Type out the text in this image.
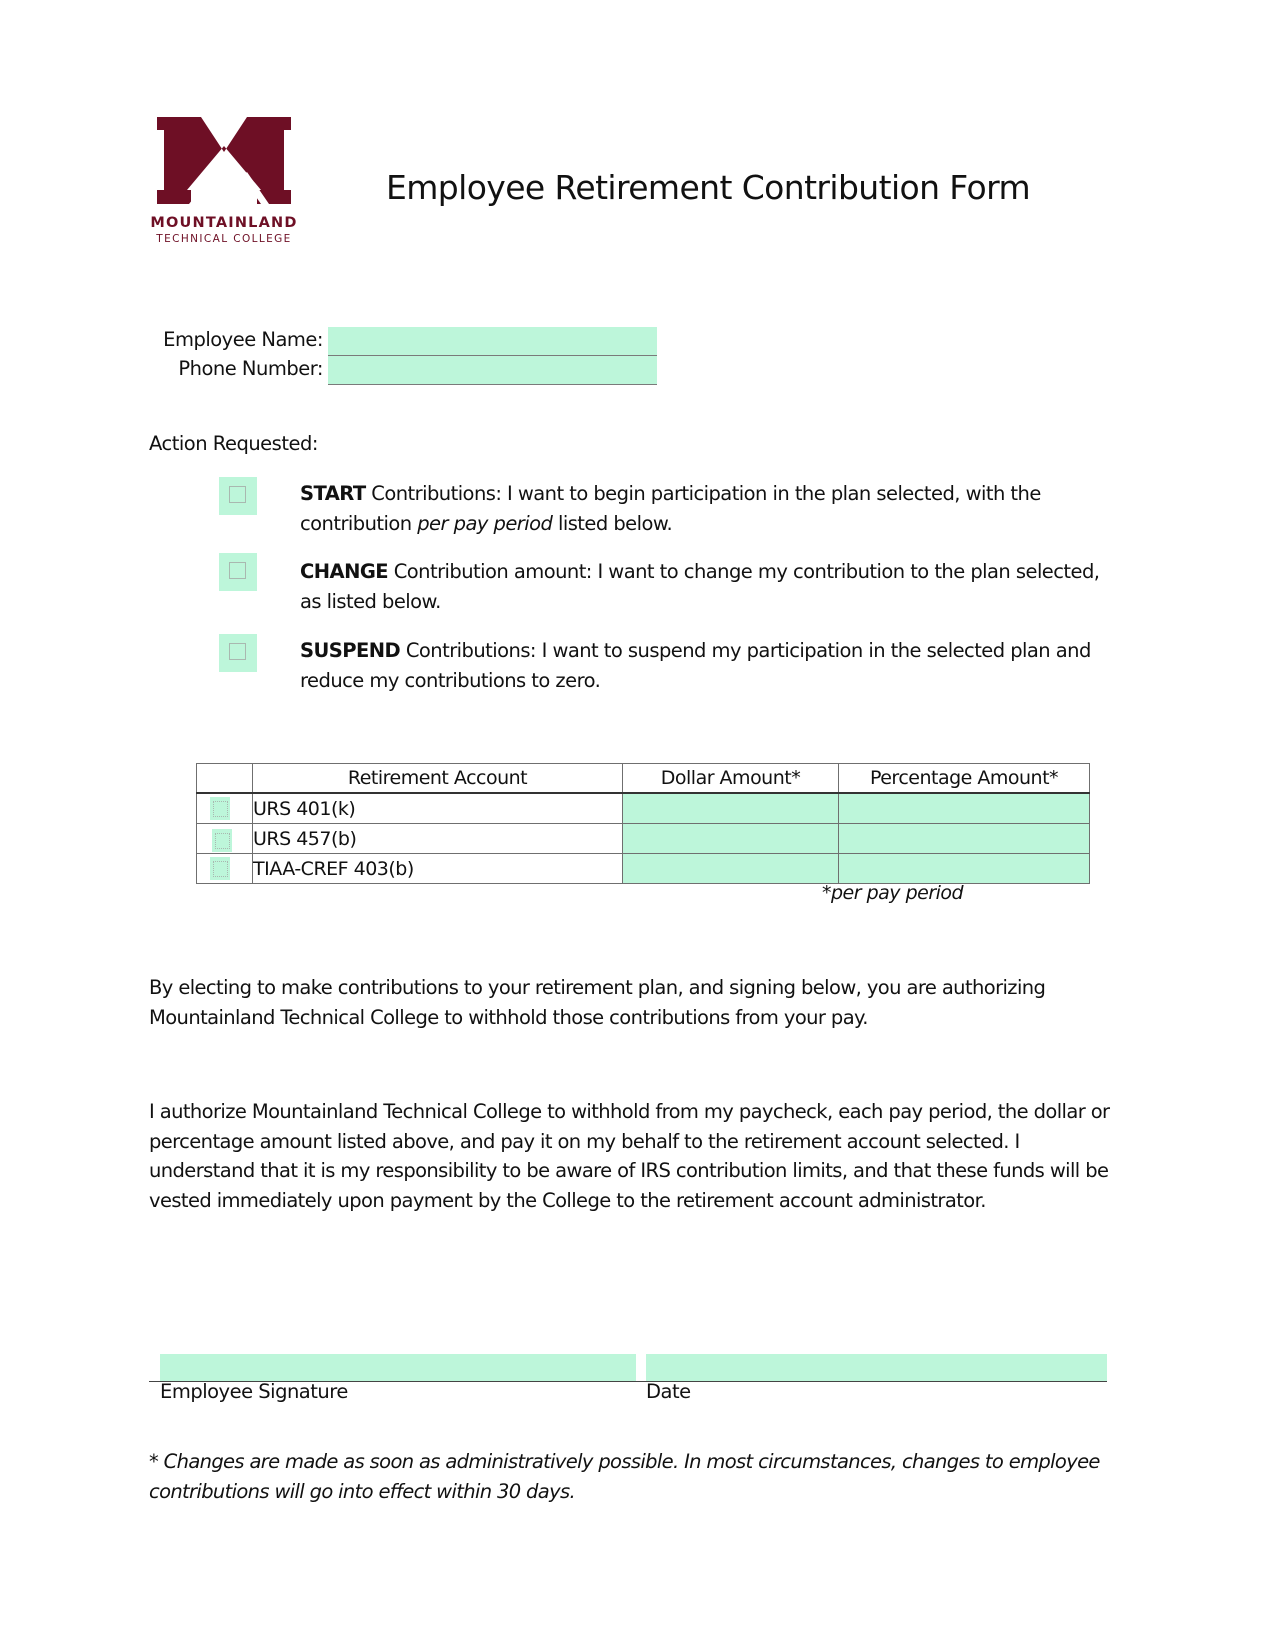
MOUNTAINLAND
TECHNICAL COLLEGE
Employee Retirement Contribution Form
Employee Name:
Phone Number:
Action Requested:
START Contributions: I want to begin participation in the plan selected, with the contribution per pay period listed below.
CHANGE Contribution amount: I want to change my contribution to the plan selected, as listed below.
SUSPEND Contributions: I want to suspend my participation in the selected plan and reduce my contributions to zero.
	Retirement Account	Dollar Amount*	Percentage Amount*

	URS 401(k)		

	URS 457(b)		

	TIAA-CREF 403(b)		
*per pay period
By electing to make contributions to your retirement plan, and signing below, you are authorizing Mountainland Technical College to withhold those contributions from your pay.
I authorize Mountainland Technical College to withhold from my paycheck, each pay period, the dollar or percentage amount listed above, and pay it on my behalf to the retirement account selected. I understand that it is my responsibility to be aware of IRS contribution limits, and that these funds will be vested immediately upon payment by the College to the retirement account administrator.
Employee Signature	Date
* Changes are made as soon as administratively possible. In most circumstances, changes to employee contributions will go into effect within 30 days.
